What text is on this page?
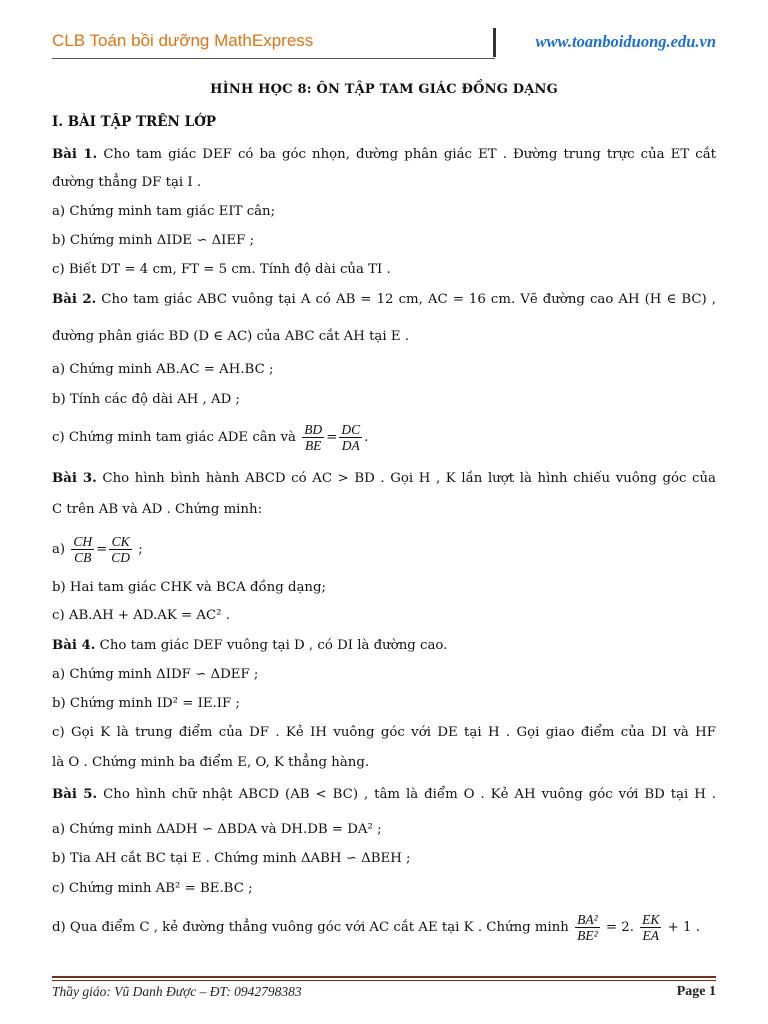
CLB Toán bồi dưỡng MathExpress	www.toanboiduong.edu.vn
HÌNH HỌC 8: ÔN TẬP TAM GIÁC ĐỒNG DẠNG
I. BÀI TẬP TRÊN LỚP
Bài 1. Cho tam giác DEF có ba góc nhọn, đường phân giác ET . Đường trung trực của ET cắt
đường thẳng DF tại I .
a) Chứng minh tam giác EIT cân;
b) Chứng minh ΔIDE ∽ ΔIEF ;
c) Biết DT = 4 cm, FT = 5 cm. Tính độ dài của TI .
Bài 2. Cho tam giác ABC vuông tại A có AB = 12 cm, AC = 16 cm. Vẽ đường cao AH (H ∈ BC) ,
đường phân giác BD (D ∈ AC) của ABC cắt AH tại E .
a) Chứng minh AB.AC = AH.BC ;
b) Tính các độ dài AH , AD ;
Bài 3. Cho hình bình hành ABCD có AC > BD . Gọi H , K lần lượt là hình chiếu vuông góc của
C trên AB và AD . Chứng minh:
b) Hai tam giác CHK và BCA đồng dạng;
c) AB.AH + AD.AK = AC² .
Bài 4. Cho tam giác DEF vuông tại D , có DI là đường cao.
a) Chứng minh ΔIDF ∽ ΔDEF ;
b) Chứng minh ID² = IE.IF ;
c) Gọi K là trung điểm của DF . Kẻ IH vuông góc với DE tại H . Gọi giao điểm của DI và HF
là O . Chứng minh ba điểm E, O, K thẳng hàng.
Bài 5. Cho hình chữ nhật ABCD (AB < BC) , tâm là điểm O . Kẻ AH vuông góc với BD tại H .
a) Chứng minh ΔADH ∽ ΔBDA và DH.DB = DA² ;
b) Tia AH cắt BC tại E . Chứng minh ΔABH ∽ ΔBEH ;
c) Chứng minh AB² = BE.BC ;
c) Chứng minh tam giác ADE cân và $\frac{BD}{BE} = \frac{DC}{DA}$ .
$a) \frac{CH}{CB} = \frac{CK}{CD}$ ;
d) Qua điểm C , kẻ đường thẳng vuông góc với AC cắt AE tại K . Chứng minh $\frac{\text{BA²}}{\text{BE²}} = 2$. $\frac{EK}{EA} + 1$ .
Thầy giáo: Vũ Danh Được – ĐT: 0942798383	Page 1
